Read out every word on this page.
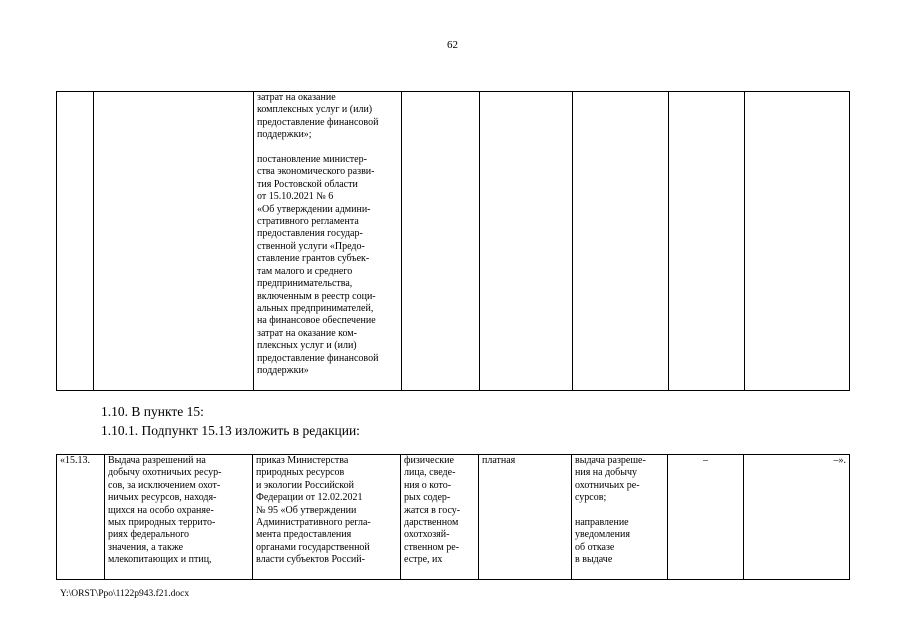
62
		затрат на оказание
комплексных услуг и (или)
предоставление финансовой
поддержки»;

постановление министер-
ства экономического разви-
тия Ростовской области
от 15.10.2021 № 6
«Об утверждении админи-
стративного регламента
предоставления государ-
ственной услуги «Предо-
ставление грантов субъек-
там малого и среднего
предпринимательства,
включенным в реестр соци-
альных предпринимателей,
на финансовое обеспечение
затрат на оказание ком-
плексных услуг и (или)
предоставление финансовой
поддержки»					
1.10. В пункте 15:
1.10.1. Подпункт 15.13 изложить в редакции:
«15.13.	Выдача разрешений на
добычу охотничьих ресур-
сов, за исключением охот-
ничьих ресурсов, находя-
щихся на особо охраняе-
мых природных террито-
риях федерального
значения, а также
млекопитающих и птиц,	приказ Министерства
природных ресурсов
и экологии Российской
Федерации от 12.02.2021
№ 95 «Об утверждении
Административного регла-
мента предоставления
органами государственной
власти субъектов Россий-	физические
лица, сведе-
ния о кото-
рых содер-
жатся в госу-
дарственном
охотхозяй-
ственном ре-
естре, их	платная	выдача разреше-
ния на добычу
охотничьих ре-
сурсов;

направление
уведомления
об отказе
в выдаче	–	–».
Y:\ORST\Ppo\1122p943.f21.docx
